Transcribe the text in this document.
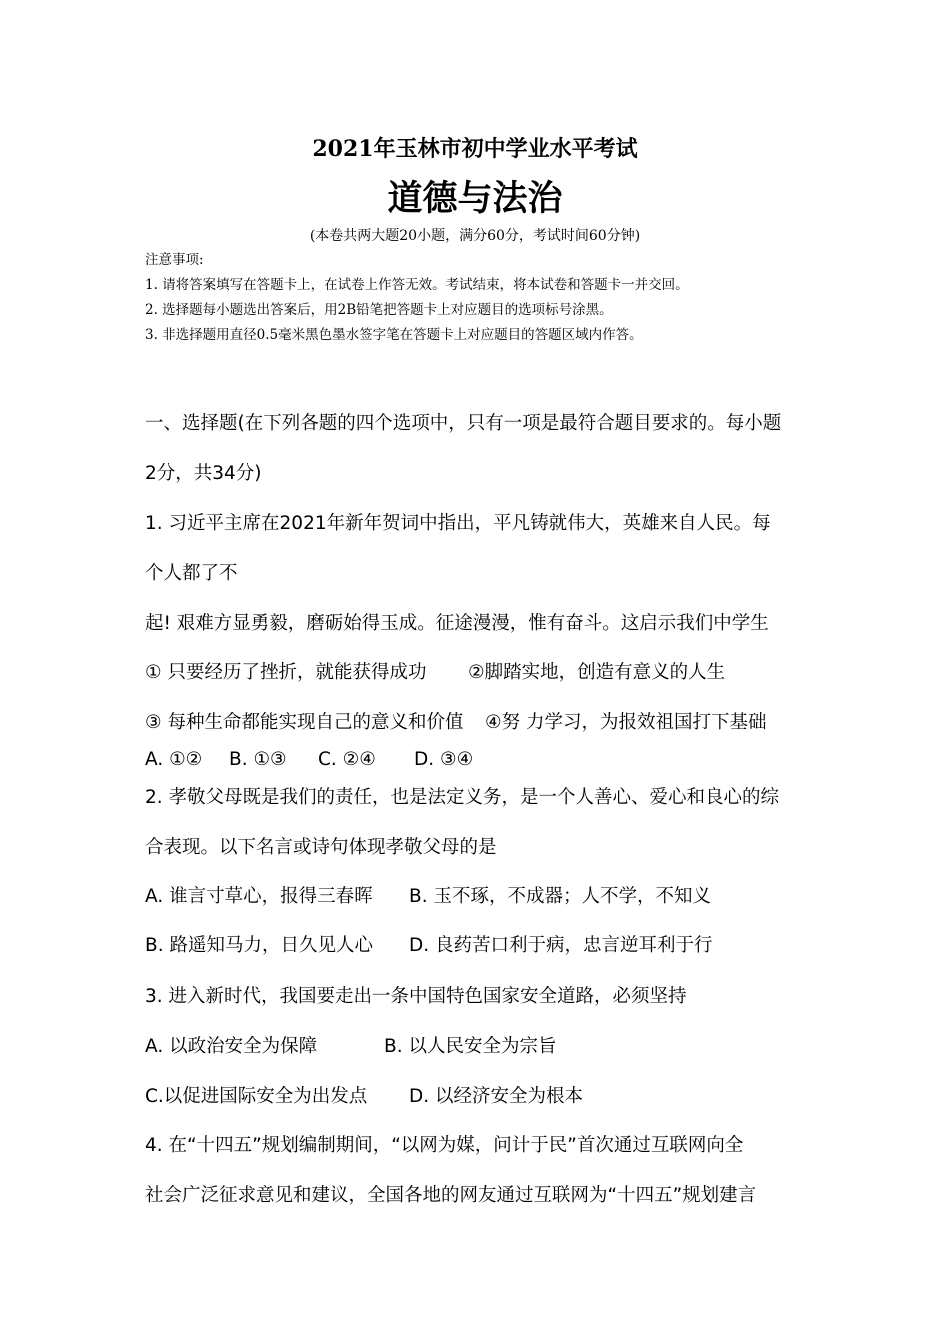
2021年玉林市初中学业水平考试
道德与法治
(本卷共两大题20小题，满分60分，考试时间60分钟)
注意事项:
1. 请将答案填写在答题卡上，在试卷上作答无效。考试结束，将本试卷和答题卡一并交回。
2. 选择题每小题选出答案后，用2B铅笔把答题卡上对应题目的选项标号涂黑。
3. 非选择题用直径0.5毫米黑色墨水签字笔在答题卡上对应题目的答题区域内作答。
一、选择题(在下列各题的四个选项中，只有一项是最符合题目要求的。每小题
2分，共34分)
1. 习近平主席在2021年新年贺词中指出，平凡铸就伟大，英雄来自人民。每
个人都了不
起! 艰难方显勇毅，磨砺始得玉成。征途漫漫，惟有奋斗。这启示我们中学生
① 只要经历了挫折，就能获得成功 ②脚踏实地，创造有意义的人生
③ 每种生命都能实现自己的意义和价值 ④努 力学习，为报效祖国打下基础
A. ①② B. ①③ C. ②④ D. ③④
2. 孝敬父母既是我们的责任，也是法定义务，是一个人善心、爱心和良心的综
合表现。以下名言或诗句体现孝敬父母的是
A. 谁言寸草心，报得三春晖 B. 玉不琢，不成器；人不学，不知义
B. 路遥知马力，日久见人心 D. 良药苦口利于病，忠言逆耳利于行
3. 进入新时代，我国要走出一条中国特色国家安全道路，必须坚持
A. 以政治安全为保障	B. 以人民安全为宗旨
C.以促进国际安全为出发点 D. 以经济安全为根本
4. 在“十四五”规划编制期间，“以网为媒，问计于民”首次通过互联网向全
社会广泛征求意见和建议，全国各地的网友通过互联网为“十四五”规划建言
